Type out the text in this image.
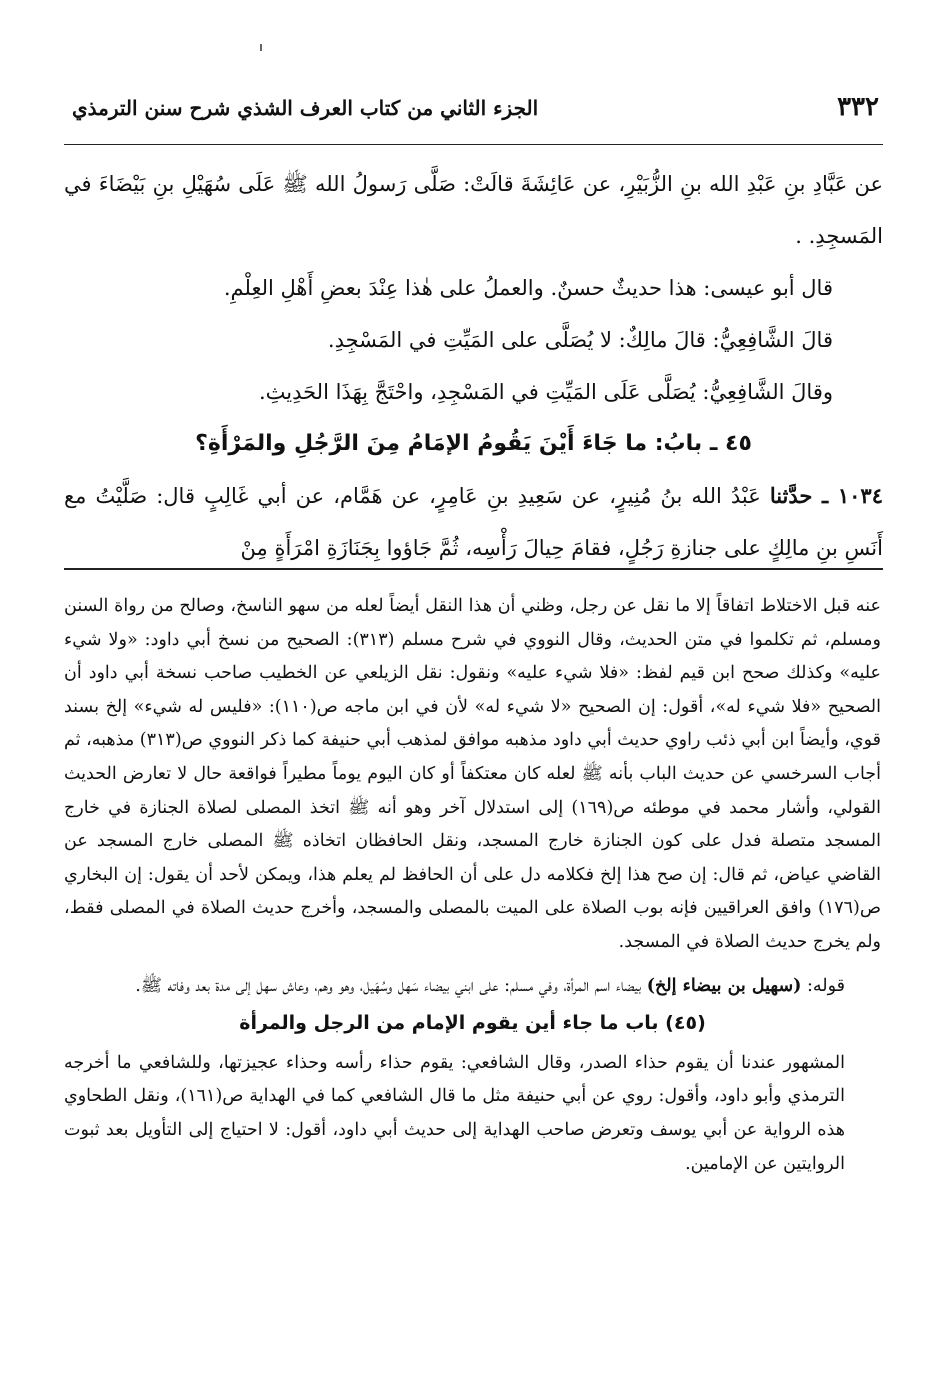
٣٣٢
الجزء الثاني من كتاب العرف الشذي شرح سنن الترمذي

عن عَبَّادِ بنِ عَبْدِ الله بنِ الزُّبَيْرِ، عن عَائِشَةَ قالَتْ: صَلَّى رَسولُ الله ﷺ عَلَى سُهَيْلِ بنِ بَيْضَاءَ في المَسجِدِ. .

قال أبو عيسى: هذا حديثٌ حسنٌ. والعملُ على هٰذا عِنْدَ بعضِ أَهْلِ العِلْمِ.

قالَ الشَّافِعِيُّ: قالَ مالِكٌ: لا يُصَلَّى على المَيِّتِ في المَسْجِدِ.

وقالَ الشَّافِعِيُّ: يُصَلَّى عَلَى المَيِّتِ في المَسْجِدِ، واحْتَجَّ بِهَذَا الحَدِيثِ.

٤٥ ـ بابُ: ما جَاءَ أَيْنَ يَقُومُ الإمَامُ مِنَ الرَّجُلِ والمَرْأَةِ؟

١٠٣٤ ـ حدَّثنا عَبْدُ الله بنُ مُنِيرٍ، عن سَعِيدِ بنِ عَامِرٍ، عن هَمَّام، عن أبي غَالِبٍ قال: صَلَّيْتُ مع أَنَسِ بنِ مالِكٍ على جنازةِ رَجُلٍ، فقامَ حِيالَ رَأْسِه، ثُمَّ جَاؤوا بِجَنَازَةِ امْرَأَةٍ مِنْ

عنه قبل الاختلاط اتفاقاً إلا ما نقل عن رجل، وظني أن هذا النقل أيضاً لعله من سهو الناسخ، وصالح من رواة السنن ومسلم، ثم تكلموا في متن الحديث، وقال النووي في شرح مسلم (٣١٣): الصحيح من نسخ أبي داود: «ولا شيء عليه» وكذلك صحح ابن قيم لفظ: «فلا شيء عليه» ونقول: نقل الزيلعي عن الخطيب صاحب نسخة أبي داود أن الصحيح «فلا شيء له»، أقول: إن الصحيح «لا شيء له» لأن في ابن ماجه ص(١١٠): «فليس له شيء» إلخ بسند قوي، وأيضاً ابن أبي ذئب راوي حديث أبي داود مذهبه موافق لمذهب أبي حنيفة كما ذكر النووي ص(٣١٣) مذهبه، ثم أجاب السرخسي عن حديث الباب بأنه ﷺ لعله كان معتكفاً أو كان اليوم يوماً مطيراً فواقعة حال لا تعارض الحديث القولي، وأشار محمد في موطئه ص(١٦٩) إلى استدلال آخر وهو أنه ﷺ اتخذ المصلى لصلاة الجنازة في خارج المسجد متصلة فدل على كون الجنازة خارج المسجد، ونقل الحافظان اتخاذه ﷺ المصلى خارج المسجد عن القاضي عياض، ثم قال: إن صح هذا إلخ فكلامه دل على أن الحافظ لم يعلم هذا، ويمكن لأحد أن يقول: إن البخاري ص(١٧٦) وافق العراقيين فإنه بوب الصلاة على الميت بالمصلى والمسجد، وأخرج حديث الصلاة في المصلى فقط، ولم يخرج حديث الصلاة في المسجد.

قوله: (سهيل بن بيضاء إلخ) بيضاء اسم المرأة، وفي مسلم: على ابني بيضاء سَهل وسُهَيل، وهو وهم، وعاش سهل إلى مدة بعد وفاته ﷺ.

(٤٥) باب ما جاء أين يقوم الإمام من الرجل والمرأة

المشهور عندنا أن يقوم حذاء الصدر، وقال الشافعي: يقوم حذاء رأسه وحذاء عجيزتها، وللشافعي ما أخرجه الترمذي وأبو داود، وأقول: روي عن أبي حنيفة مثل ما قال الشافعي كما في الهداية ص(١٦١)، ونقل الطحاوي هذه الرواية عن أبي يوسف وتعرض صاحب الهداية إلى حديث أبي داود، أقول: لا احتياج إلى التأويل بعد ثبوت الروايتين عن الإمامين.
